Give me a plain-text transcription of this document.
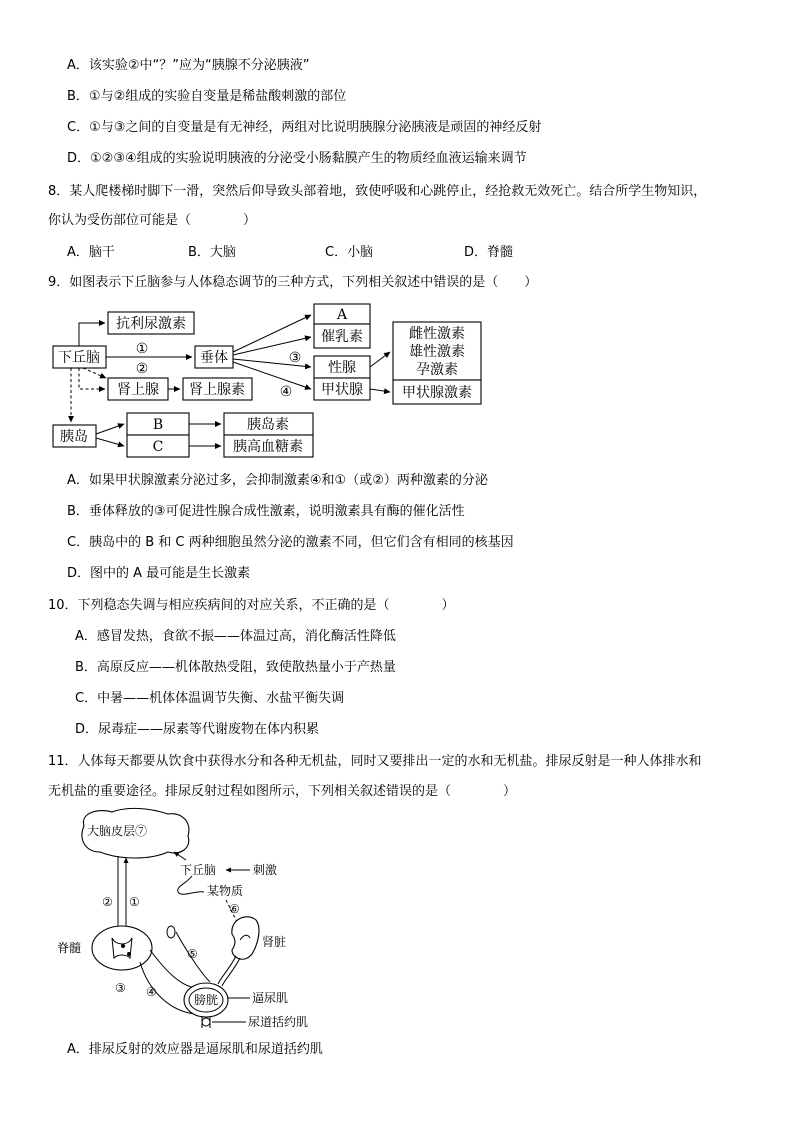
A．该实验②中“？”应为“胰腺不分泌胰液”
B．①与②组成的实验自变量是稀盐酸刺激的部位
C．①与③之间的自变量是有无神经，两组对比说明胰腺分泌胰液是顽固的神经反射
D．①②③④组成的实验说明胰液的分泌受小肠黏膜产生的物质经血液运输来调节
8．某人爬楼梯时脚下一滑，突然后仰导致头部着地，致使呼吸和心跳停止，经抢救无效死亡。结合所学生物知识，
你认为受伤部位可能是（　　　　）
A．脑干	B．大脑	C．小脑	D．脊髓
9．如图表示下丘脑参与人体稳态调节的三种方式，下列相关叙述中错误的是（　　）
抗利尿激素
下丘脑	垂体
肾上腺 肾上腺素
胰岛
A
催乳素
性腺
甲状腺
雌性激素
雄性激素
孕激素
甲状腺激素
B
C
胰岛素
胰高血糖素
①
②
③
④
A．如果甲状腺激素分泌过多，会抑制激素④和①（或②）两种激素的分泌
B．垂体释放的③可促进性腺合成性激素，说明激素具有酶的催化活性
C．胰岛中的 B 和 C 两种细胞虽然分泌的激素不同，但它们含有相同的核基因
D．图中的 A 最可能是生长激素
10．下列稳态失调与相应疾病间的对应关系，不正确的是（　　　　）
A．感冒发热，食欲不振——体温过高，消化酶活性降低
B．高原反应——机体散热受阻，致使散热量小于产热量
C．中暑——机体体温调节失衡、水盐平衡失调
D．尿毒症——尿素等代谢废物在体内积累
11．人体每天都要从饮食中获得水分和各种无机盐，同时又要排出一定的水和无机盐。排尿反射是一种人体排水和
无机盐的重要途径。排尿反射过程如图所示，下列相关叙述错误的是（　　　　）
大脑皮层⑦
② ①
下丘脑	刺激
某物质
⑥
脊髓
③ ④
⑤
膀胱	逼尿肌
尿道括约肌
肾脏
A．排尿反射的效应器是逼尿肌和尿道括约肌
